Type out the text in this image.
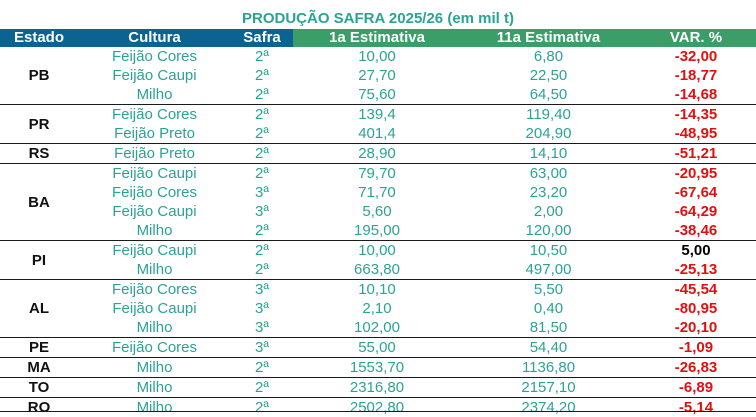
PRODUÇÃO SAFRA 2025/26 (em mil t)
Estado	Cultura	Safra	1a Estimativa	11a Estimativa	VAR. %
PB
Feijão Cores	2ª	10,00	6,80	-32,00
Feijão Caupi	2ª	27,70	22,50	-18,77
Milho	2ª	75,60	64,50	-14,68
PR
Feijão Cores	2ª	139,4	119,40	-14,35
Feijão Preto	2ª	401,4	204,90	-48,95
RS	Feijão Preto	2ª	28,90	14,10	-51,21
BA
Feijão Caupi	2ª	79,70	63,00	-20,95
Feijão Cores	3ª	71,70	23,20	-67,64
Feijão Caupi	3ª	5,60	2,00	-64,29
Milho	2ª	195,00	120,00	-38,46
PI
Feijão Caupi	2ª	10,00	10,50	5,00
Milho	2ª	663,80	497,00	-25,13
AL
Feijão Cores	3ª	10,10	5,50	-45,54
Feijão Caupi	3ª	2,10	0,40	-80,95
Milho	3ª	102,00	81,50	-20,10
PE	Feijão Cores	3ª	55,00	54,40	-1,09
MA	Milho	2ª	1553,70	1136,80	-26,83
TO	Milho	2ª	2316,80	2157,10	-6,89
RO	Milho	2ª	2502,80	2374,20	-5,14
